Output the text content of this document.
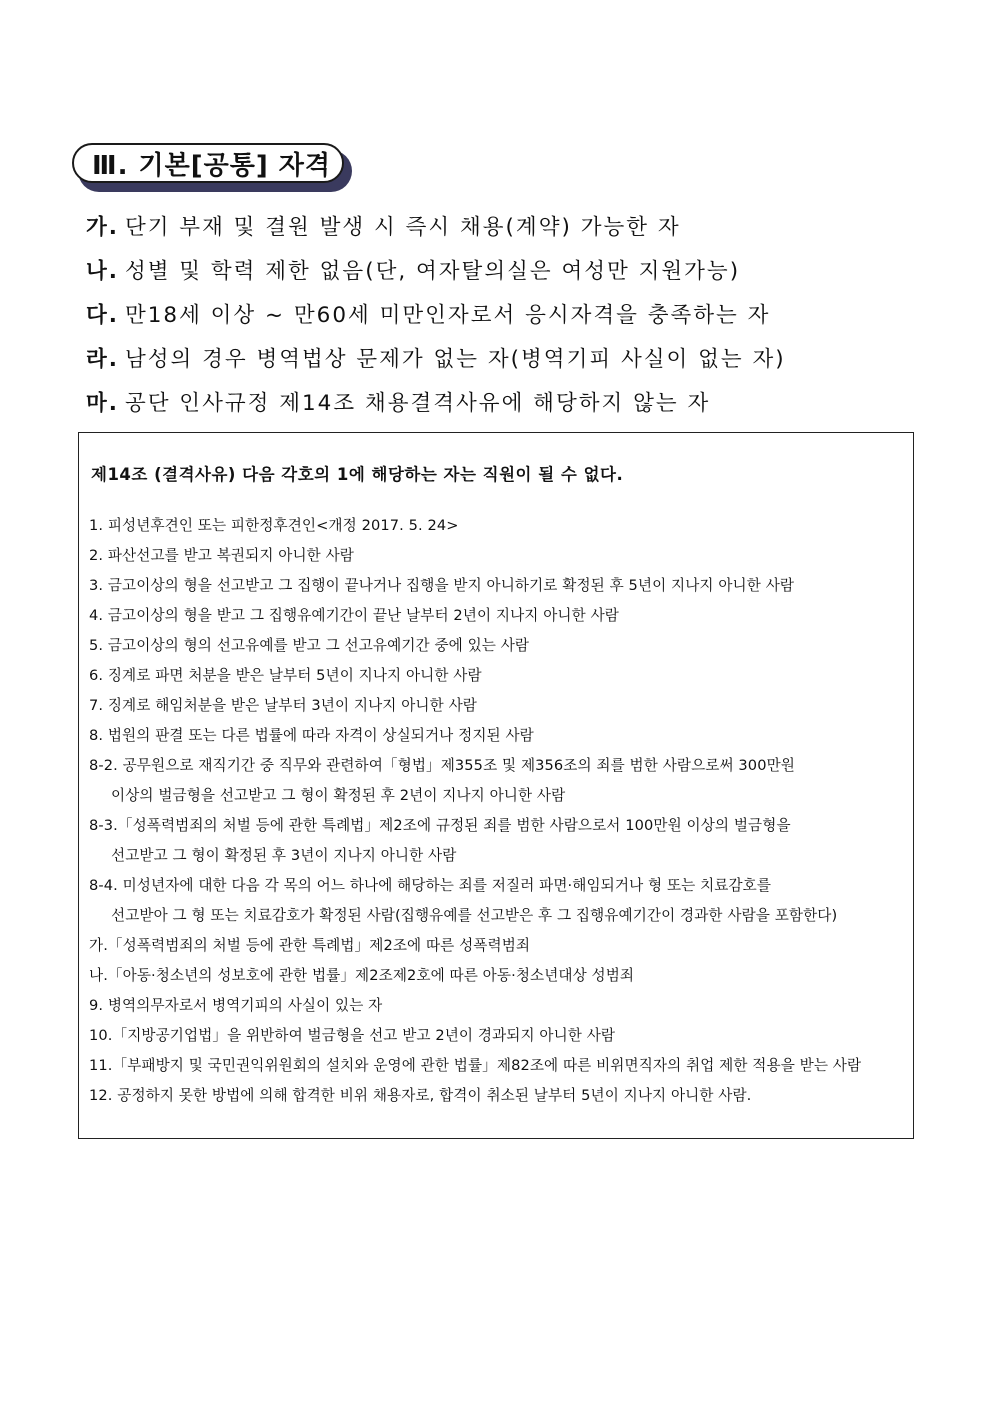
Ⅲ. 기본[공통] 자격
가. 단기 부재 및 결원 발생 시 즉시 채용(계약) 가능한 자
나. 성별 및 학력 제한 없음(단, 여자탈의실은 여성만 지원가능)
다. 만18세 이상 ~ 만60세 미만인자로서 응시자격을 충족하는 자
라. 남성의 경우 병역법상 문제가 없는 자(병역기피 사실이 없는 자)
마. 공단 인사규정 제14조 채용결격사유에 해당하지 않는 자
제14조 (결격사유) 다음 각호의 1에 해당하는 자는 직원이 될 수 없다.
1. 피성년후견인 또는 피한정후견인<개정 2017. 5. 24>
2. 파산선고를 받고 복권되지 아니한 사람
3. 금고이상의 형을 선고받고 그 집행이 끝나거나 집행을 받지 아니하기로 확정된 후 5년이 지나지 아니한 사람
4. 금고이상의 형을 받고 그 집행유예기간이 끝난 날부터 2년이 지나지 아니한 사람
5. 금고이상의 형의 선고유예를 받고 그 선고유예기간 중에 있는 사람
6. 징계로 파면 처분을 받은 날부터 5년이 지나지 아니한 사람
7. 징계로 해임처분을 받은 날부터 3년이 지나지 아니한 사람
8. 법원의 판결 또는 다른 법률에 따라 자격이 상실되거나 정지된 사람
8-2. 공무원으로 재직기간 중 직무와 관련하여「형법」제355조 및 제356조의 죄를 범한 사람으로써 300만원
이상의 벌금형을 선고받고 그 형이 확정된 후 2년이 지나지 아니한 사람
8-3.「성폭력범죄의 처벌 등에 관한 특례법」제2조에 규정된 죄를 범한 사람으로서 100만원 이상의 벌금형을
선고받고 그 형이 확정된 후 3년이 지나지 아니한 사람
8-4. 미성년자에 대한 다음 각 목의 어느 하나에 해당하는 죄를 저질러 파면·해임되거나 형 또는 치료감호를
선고받아 그 형 또는 치료감호가 확정된 사람(집행유예를 선고받은 후 그 집행유예기간이 경과한 사람을 포함한다)
가.「성폭력범죄의 처벌 등에 관한 특례법」제2조에 따른 성폭력범죄
나.「아동·청소년의 성보호에 관한 법률」제2조제2호에 따른 아동·청소년대상 성범죄
9. 병역의무자로서 병역기피의 사실이 있는 자
10.「지방공기업법」을 위반하여 벌금형을 선고 받고 2년이 경과되지 아니한 사람
11.「부패방지 및 국민권익위원회의 설치와 운영에 관한 법률」제82조에 따른 비위면직자의 취업 제한 적용을 받는 사람
12. 공정하지 못한 방법에 의해 합격한 비위 채용자로, 합격이 취소된 날부터 5년이 지나지 아니한 사람.
